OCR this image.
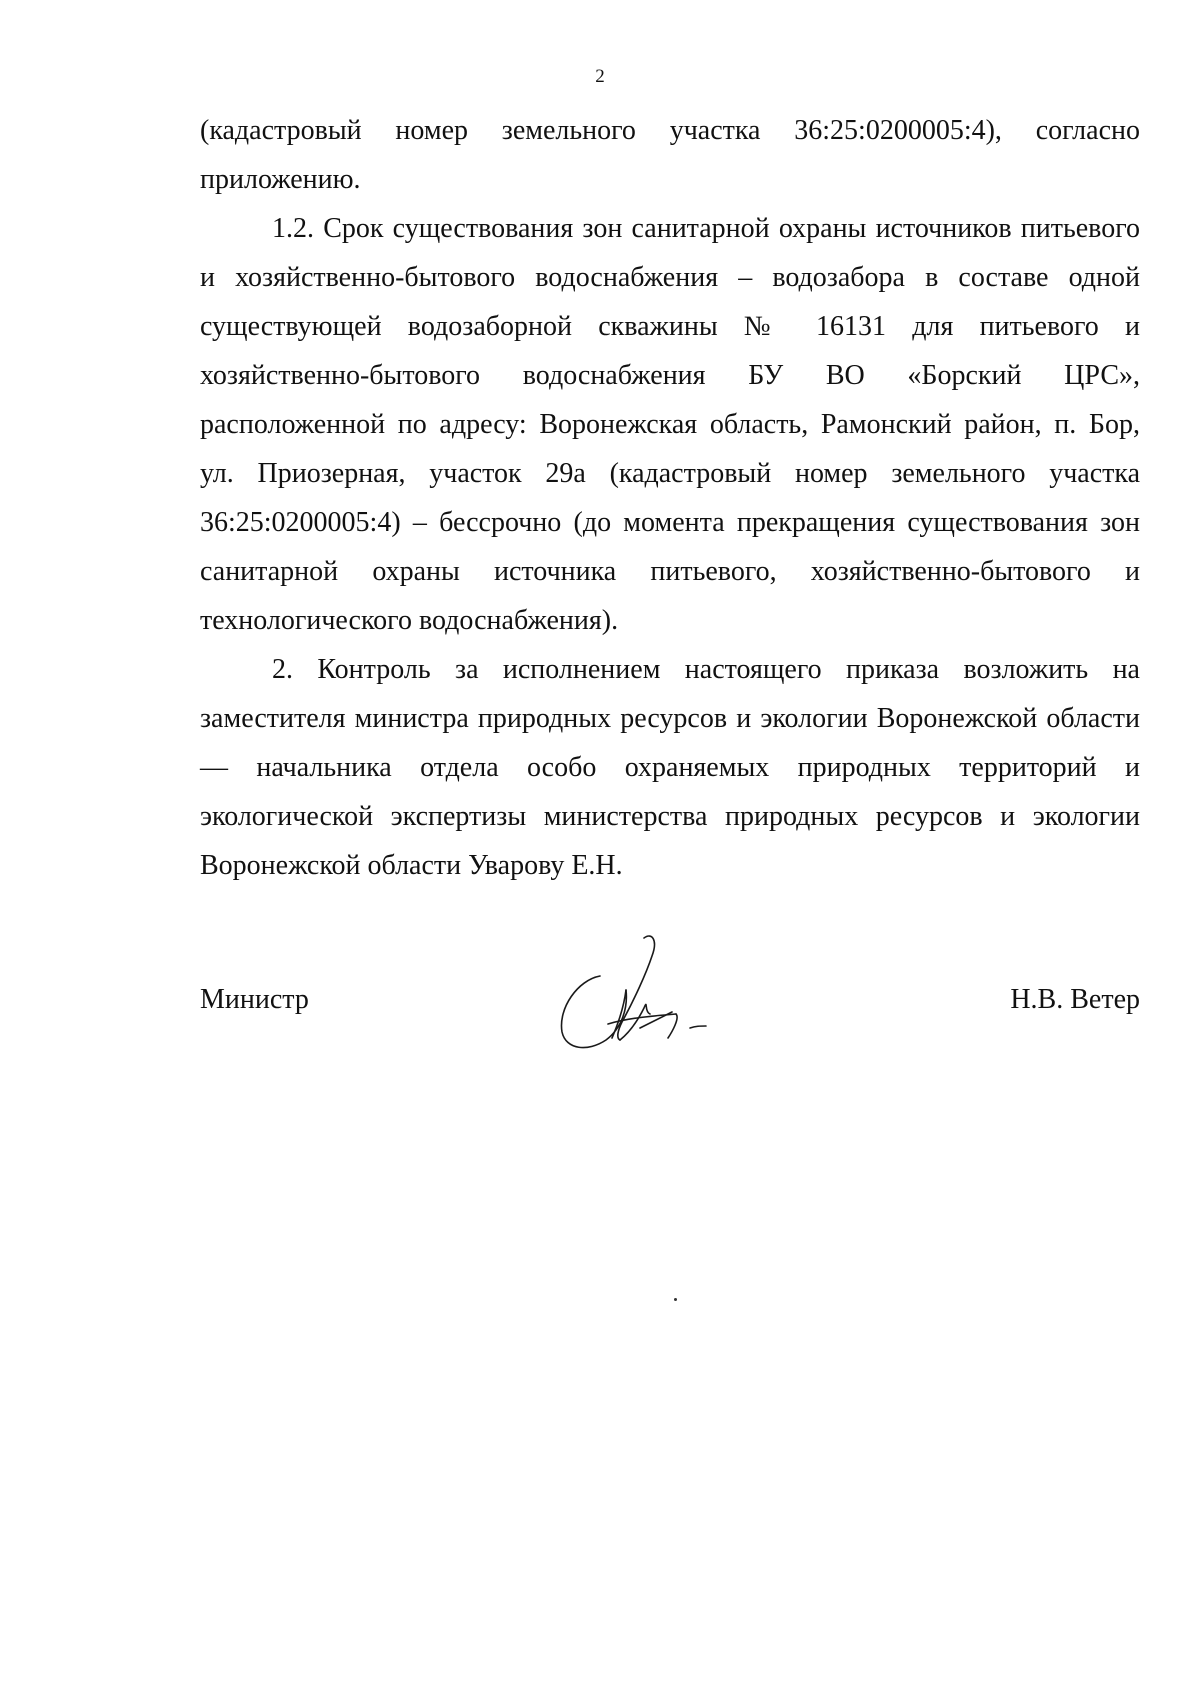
2

(кадастровый номер земельного участка 36:25:0200005:4), согласно
приложению.

1.2. Срок существования зон санитарной охраны источников питьевого
и хозяйственно-бытового водоснабжения – водозабора в составе одной
существующей водозаборной скважины № 16131 для питьевого и
хозяйственно-бытового водоснабжения БУ ВО «Борский ЦРС»,
расположенной по адресу: Воронежская область, Рамонский район, п. Бор,
ул. Приозерная, участок 29а (кадастровый номер земельного участка
36:25:0200005:4) – бессрочно (до момента прекращения существования зон
санитарной охраны источника питьевого, хозяйственно-бытового и
технологического водоснабжения).

2. Контроль за исполнением настоящего приказа возложить на
заместителя министра природных ресурсов и экологии Воронежской области
— начальника отдела особо охраняемых природных территорий и
экологической экспертизы министерства природных ресурсов и экологии
Воронежской области Уварову Е.Н.

Министр	Н.В. Ветер
